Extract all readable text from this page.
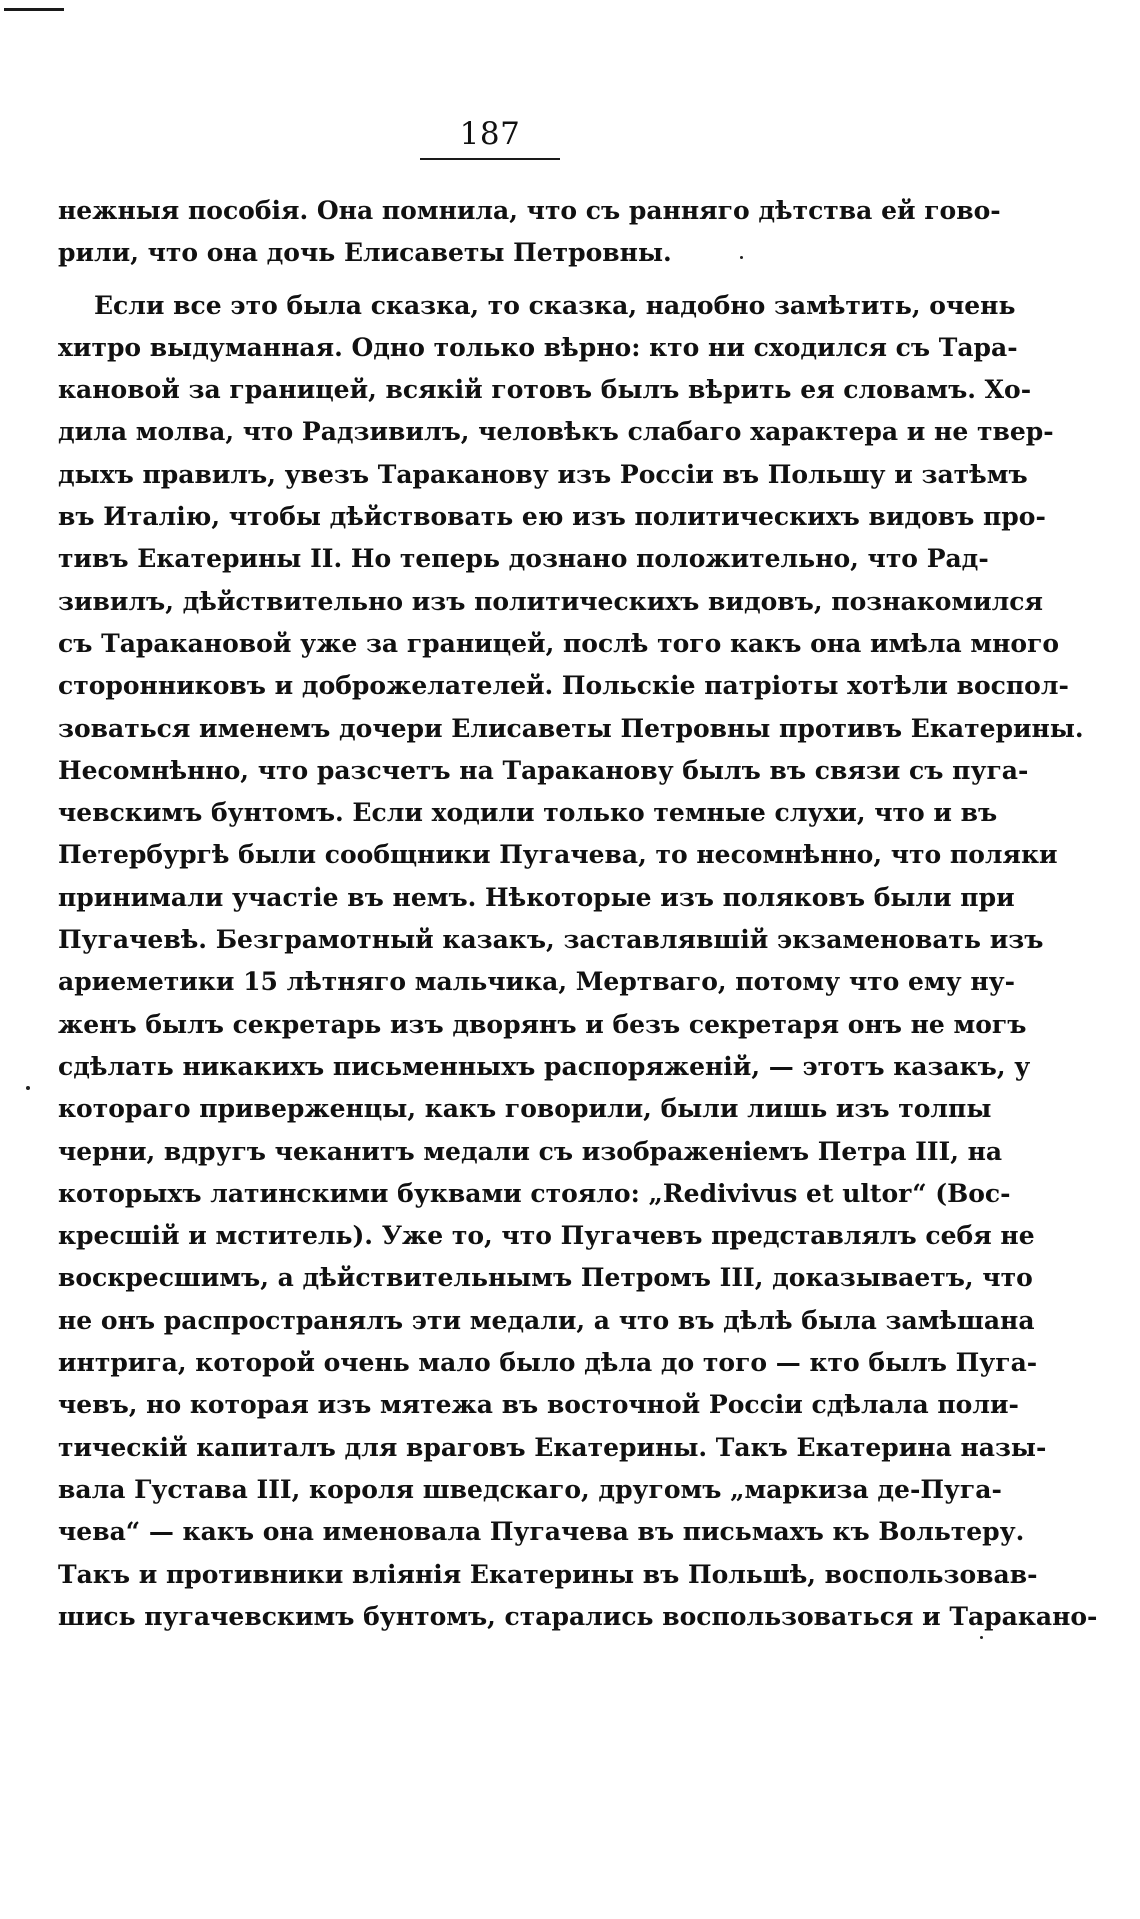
187
нежныя пособія. Она помнила, что съ ранняго дѣтства ей гово-
рили, что она дочь Елисаветы Петровны.
Если все это была сказка, то сказка, надобно замѣтить, очень
хитро выдуманная. Одно только вѣрно: кто ни сходился съ Тара-
кановой за границей, всякій готовъ былъ вѣрить ея словамъ. Хо-
дила молва, что Радзивилъ, человѣкъ слабаго характера и не твер-
дыхъ правилъ, увезъ Тараканову изъ Россіи въ Польшу и затѣмъ
въ Италію, чтобы дѣйствовать ею изъ политическихъ видовъ про-
тивъ Екатерины II. Но теперь дознано положительно, что Рад-
зивилъ, дѣйствительно изъ политическихъ видовъ, познакомился
съ Таракановой уже за границей, послѣ того какъ она имѣла много
сторонниковъ и доброжелателей. Польскіе патріоты хотѣли воспол-
зоваться именемъ дочери Елисаветы Петровны противъ Екатерины.
Несомнѣнно, что разсчетъ на Тараканову былъ въ связи съ пуга-
чевскимъ бунтомъ. Если ходили только темные слухи, что и въ
Петербургѣ были сообщники Пугачева, то несомнѣнно, что поляки
принимали участіе въ немъ. Нѣкоторые изъ поляковъ были при
Пугачевѣ. Безграмотный казакъ, заставлявшій экзаменовать изъ
ариеметики 15 лѣтняго мальчика, Мертваго, потому что ему ну-
женъ былъ секретарь изъ дворянъ и безъ секретаря онъ не могъ
сдѣлать никакихъ письменныхъ распоряженій, — этотъ казакъ, у
котораго приверженцы, какъ говорили, были лишь изъ толпы
черни, вдругъ чеканитъ медали съ изображеніемъ Петра III, на
которыхъ латинскими буквами стояло: „Redivivus et ultor“ (Вос-
кресшій и мститель). Уже то, что Пугачевъ представлялъ себя не
воскресшимъ, а дѣйствительнымъ Петромъ III, доказываетъ, что
не онъ распространялъ эти медали, а что въ дѣлѣ была замѣшана
интрига, которой очень мало было дѣла до того — кто былъ Пуга-
чевъ, но которая изъ мятежа въ восточной Россіи сдѣлала поли-
тическій капиталъ для враговъ Екатерины. Такъ Екатерина назы-
вала Густава III, короля шведскаго, другомъ „маркиза де-Пуга-
чева“ — какъ она именовала Пугачева въ письмахъ къ Вольтеру.
Такъ и противники вліянія Екатерины въ Польшѣ, воспользовав-
шись пугачевскимъ бунтомъ, старались воспользоваться и Таракано-
